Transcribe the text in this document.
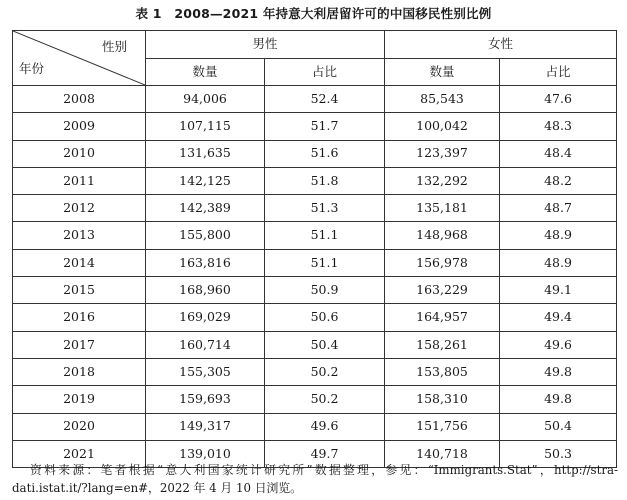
表 1　2008—2021 年持意大利居留许可的中国移民性别比例
性别
年份	男性		女性	
	数量	占比	数量	占比
2008	94,006	52.4	85,543	47.6
2009	107,115	51.7	100,042	48.3
2010	131,635	51.6	123,397	48.4
2011	142,125	51.8	132,292	48.2
2012	142,389	51.3	135,181	48.7
2013	155,800	51.1	148,968	48.9
2014	163,816	51.1	156,978	48.9
2015	168,960	50.9	163,229	49.1
2016	169,029	50.6	164,957	49.4
2017	160,714	50.4	158,261	49.6
2018	155,305	50.2	153,805	49.8
2019	159,693	50.2	158,310	49.8
2020	149,317	49.6	151,756	50.4
2021	139,010	49.7	140,718	50.3
资料来源：笔者根据“意大利国家统计研究所”数据整理，参见：“Immigrants.Stat”，http://stra-dati.istat.it/?lang=en#，2022 年 4 月 10 日浏览。
